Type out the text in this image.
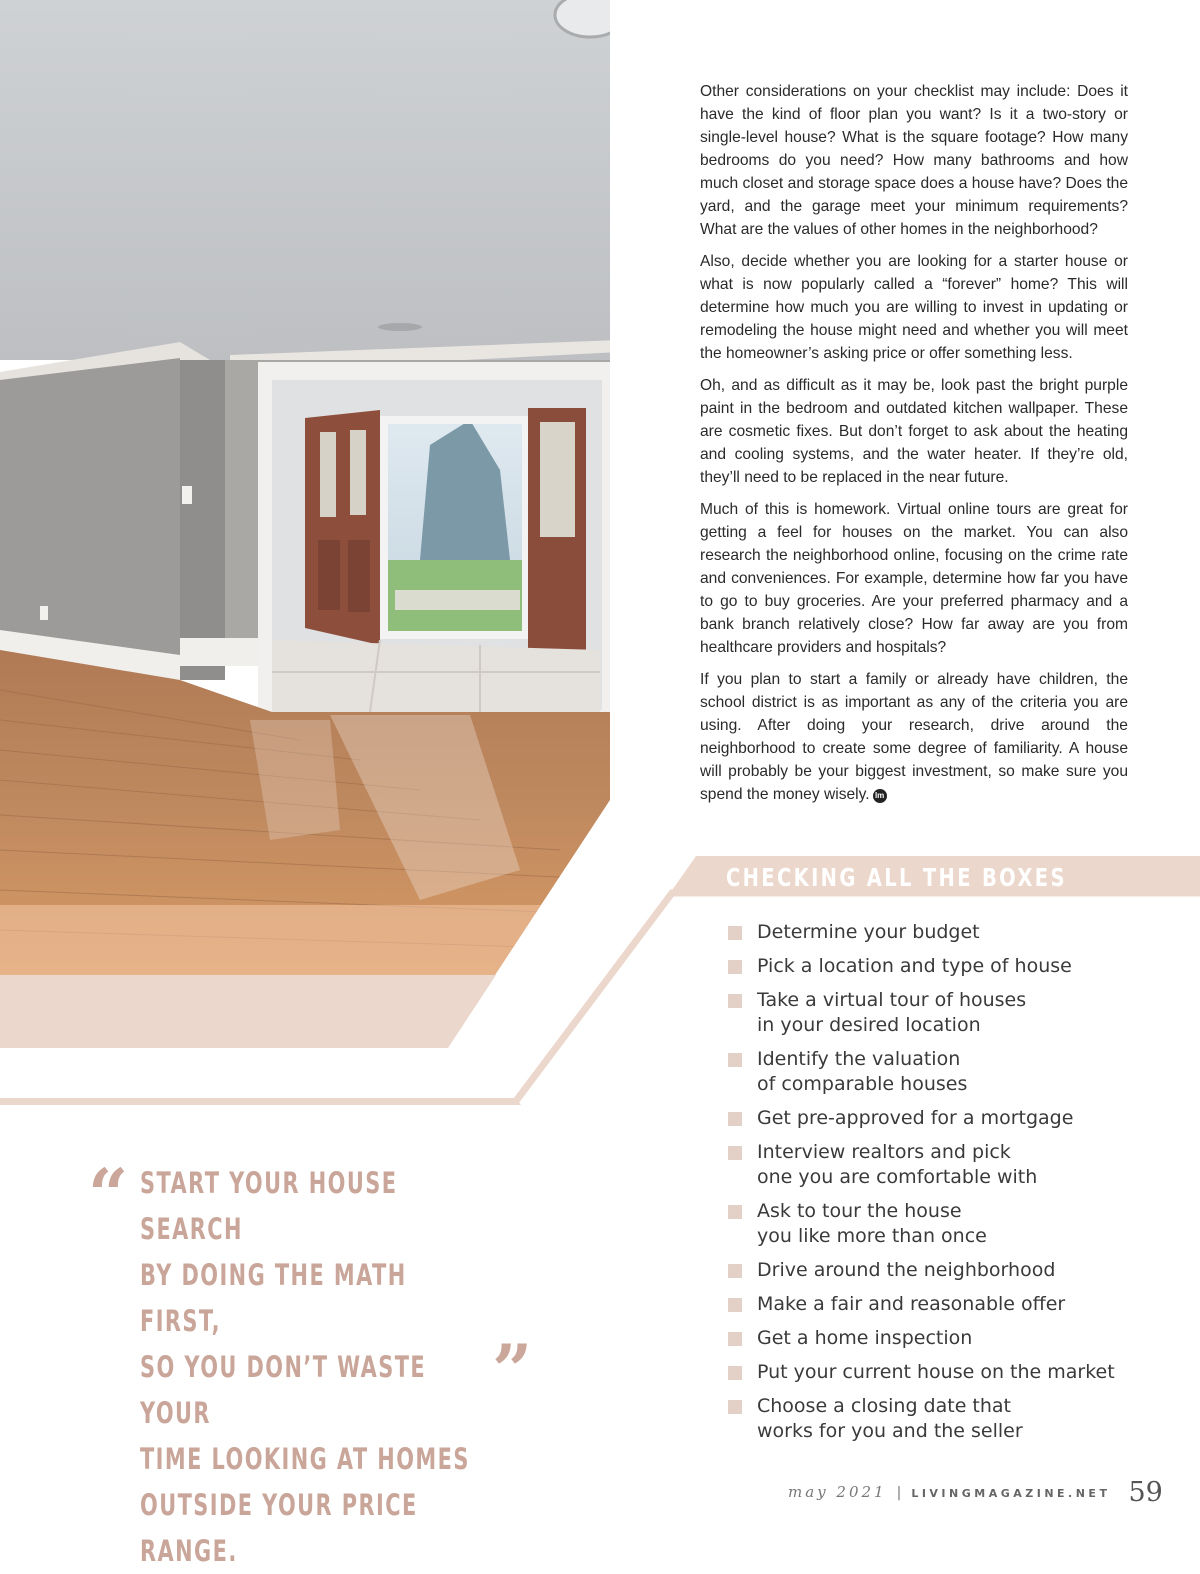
Other considerations on your checklist may include: Does it have the kind of floor plan you want? Is it a two-story or single-level house? What is the square footage? How many bedrooms do you need? How many bathrooms and how much closet and storage space does a house have? Does the yard, and the garage meet your minimum requirements? What are the values of other homes in the neighborhood?

Also, decide whether you are looking for a starter house or what is now popularly called a “forever” home? This will determine how much you are willing to invest in updating or remodeling the house might need and whether you will meet the homeowner’s asking price or offer something less.

Oh, and as difficult as it may be, look past the bright purple paint in the bedroom and outdated kitchen wallpaper. These are cosmetic fixes. But don’t forget to ask about the heating and cooling systems, and the water heater. If they’re old, they’ll need to be replaced in the near future.

Much of this is homework. Virtual online tours are great for getting a feel for houses on the market. You can also research the neighborhood online, focusing on the crime rate and conveniences. For example, determine how far you have to go to buy groceries. Are your preferred pharmacy and a bank branch relatively close? How far away are you from healthcare providers and hospitals?

If you plan to start a family or already have children, the school district is as important as any of the criteria you are using. After doing your research, drive around the neighborhood to create some degree of familiarity. A house will probably be your biggest investment, so make sure you spend the money wisely. lm

CHECKING ALL THE BOXES
Determine your budget
Pick a location and type of house
Take a virtual tour of houses
in your desired location
Identify the valuation
of comparable houses
Get pre-approved for a mortgage
Interview realtors and pick
one you are comfortable with
Ask to tour the house
you like more than once
Drive around the neighborhood
Make a fair and reasonable offer
Get a home inspection
Put your current house on the market
Choose a closing date that
works for you and the seller
“ START YOUR HOUSE SEARCH
BY DOING THE MATH FIRST,
SO YOU DON’T WASTE YOUR
TIME LOOKING AT HOMES
OUTSIDE YOUR PRICE RANGE.
”
may 2021 | LIVINGMAGAZINE.NET 59
